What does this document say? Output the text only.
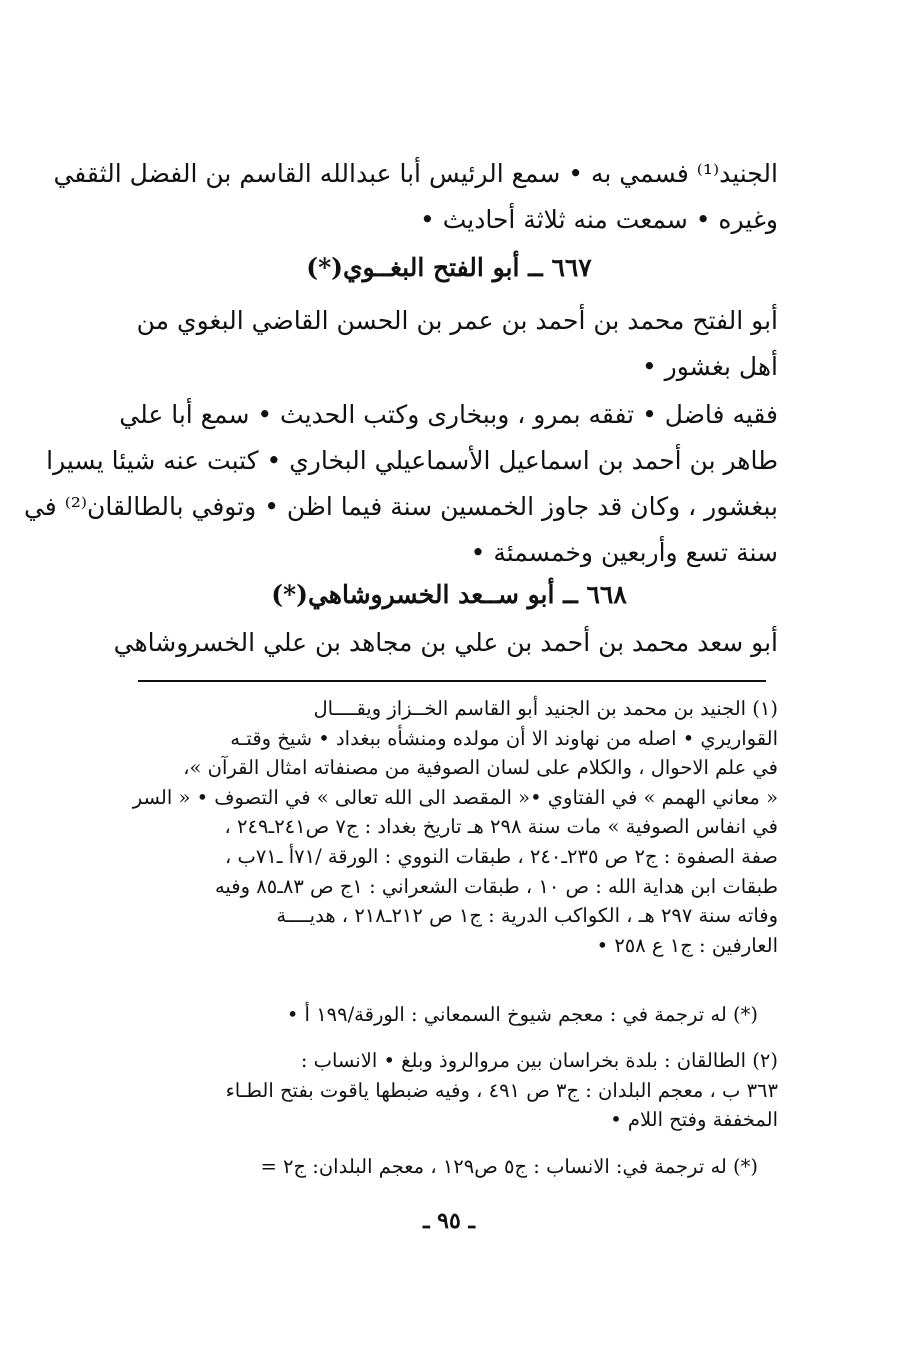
الجنيد⁽¹⁾ فسمي به • سمع الرئيس أبا عبدالله القاسم بن الفضل الثقفي
وغيره • سمعت منه ثلاثة أحاديث •
٦٦٧ ــ أبو الفتح البغــوي(*)
أبو الفتح محمد بن أحمد بن عمر بن الحسن القاضي البغوي من
أهل بغشور •
فقيه فاضل • تفقه بمرو ، وببخارى وكتب الحديث • سمع أبا علي
طاهر بن أحمد بن اسماعيل الأسماعيلي البخاري • كتبت عنه شيئا يسيرا
ببغشور ، وكان قد جاوز الخمسين سنة فيما اظن • وتوفي بالطالقان⁽²⁾ في
سنة تسع وأربعين وخمسمئة •
٦٦٨ ــ أبو ســعد الخسروشاهي(*)
أبو سعد محمد بن أحمد بن علي بن مجاهد بن علي الخسروشاهي
(١) الجنيد بن محمد بن الجنيد أبو القاسم الخــزاز ويقــــال
القواريري • اصله من نهاوند الا أن مولده ومنشأه ببغداد • شيخ وقتـه
في علم الاحوال ، والكلام على لسان الصوفية من مصنفاته امثال القرآن »،
« معاني الهمم » في الفتاوي •« المقصد الى الله تعالى » في التصوف • « السر
في انفاس الصوفية » مات سنة ٢٩٨ هـ تاريخ بغداد : ج٧ ص٢٤١ـ٢٤٩ ،
صفة الصفوة : ج٢ ص ٢٣٥ـ٢٤٠ ، طبقات النووي : الورقة /٧١أ ـ٧١ب ،
طبقات ابن هداية الله : ص ١٠ ، طبقات الشعراني : ١ج ص ٨٣ـ٨٥ وفيه
وفاته سنة ٢٩٧ هـ ، الكواكب الدرية : ج١ ص ٢١٢ـ٢١٨ ، هديــــة
العارفين : ج١ ع ٢٥٨ •
(*) له ترجمة في : معجم شيوخ السمعاني : الورقة/١٩٩ أ •
(٢) الطالقان : بلدة بخراسان بين مروالروذ وبلغ • الانساب :
٣٦٣ ب ، معجم البلدان : ج٣ ص ٤٩١ ، وفيه ضبطها ياقوت بفتح الطـاء
المخففة وفتح اللام •
(*) له ترجمة في: الانساب : ج٥ ص١٢٩ ، معجم البلدان: ج٢ =
ـ ٩٥ ـ
